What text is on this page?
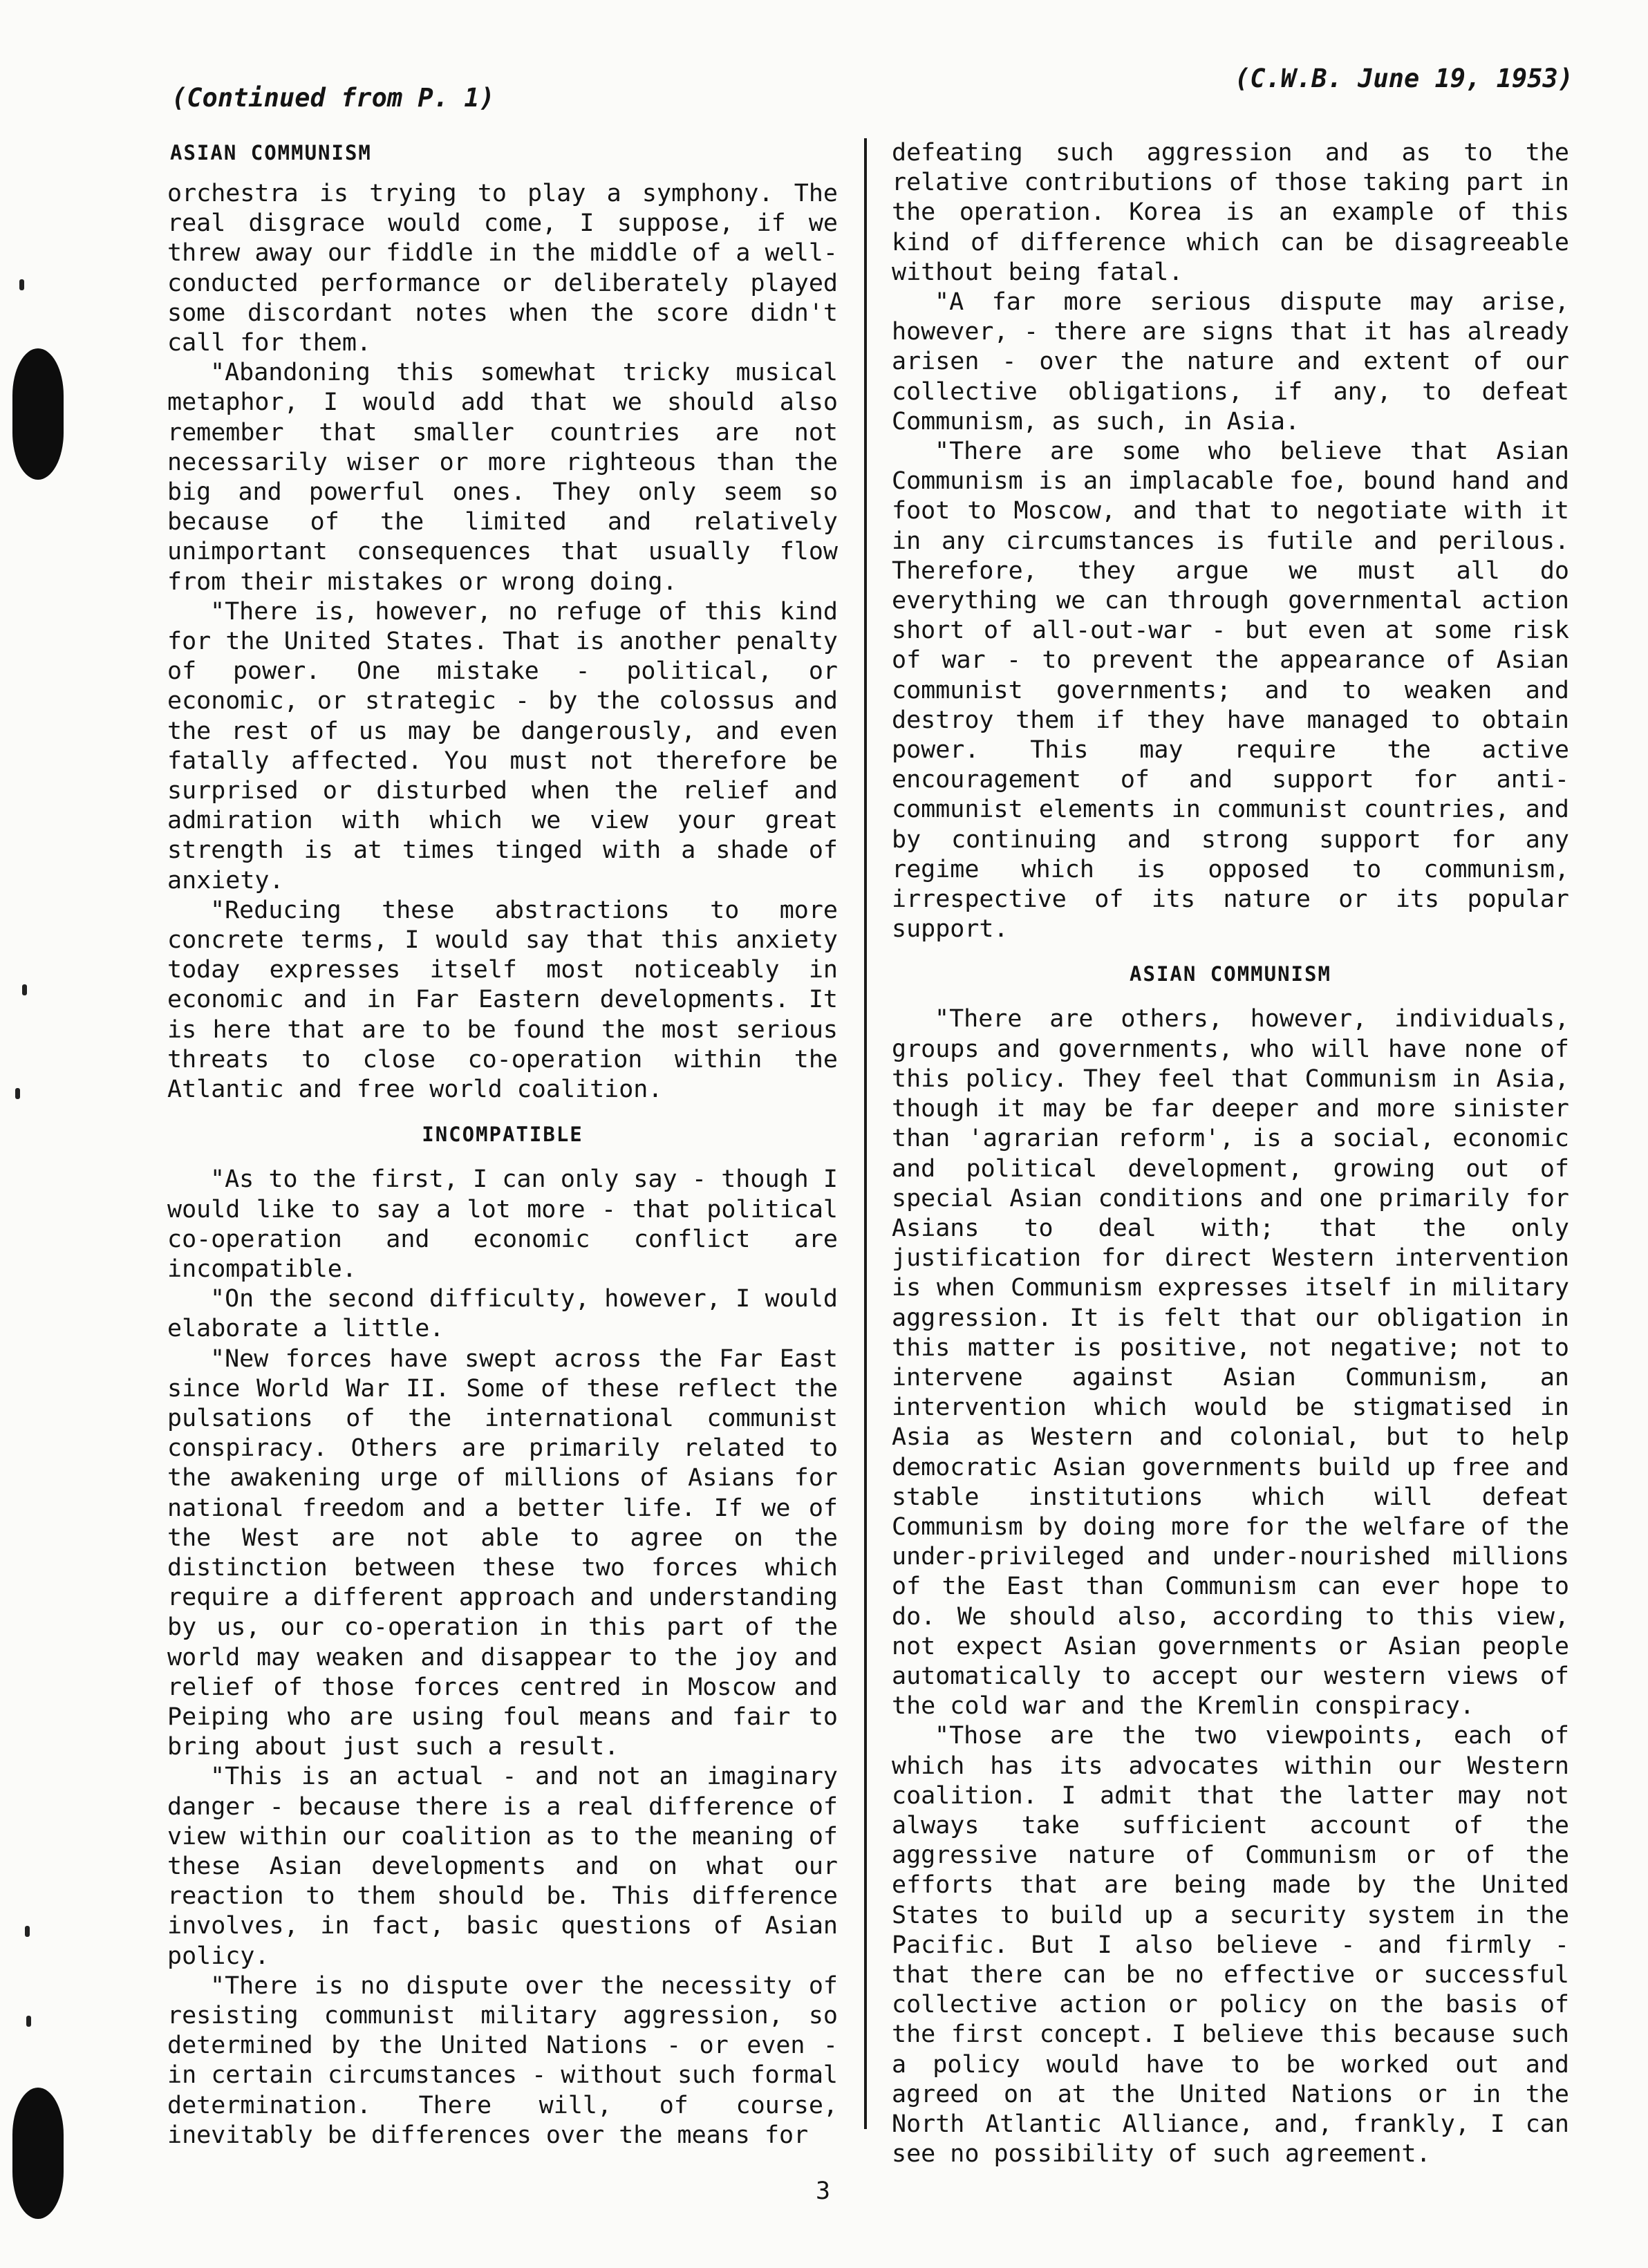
(Continued from P. 1)
(C.W.B. June 19, 1953)
ASIAN COMMUNISM

orchestra is trying to play a symphony. The real disgrace would come, I suppose, if we threw away our fiddle in the middle of a well-conducted performance or deliberately played some discordant notes when the score didn't call for them.

"Abandoning this somewhat tricky musical metaphor, I would add that we should also remember that smaller countries are not necessarily wiser or more righteous than the big and powerful ones. They only seem so because of the limited and relatively unimportant consequences that usually flow from their mistakes or wrong doing.

"There is, however, no refuge of this kind for the United States. That is another penalty of power. One mistake - political, or economic, or strategic - by the colossus and the rest of us may be dangerously, and even fatally affected. You must not therefore be surprised or disturbed when the relief and admiration with which we view your great strength is at times tinged with a shade of anxiety.

"Reducing these abstractions to more concrete terms, I would say that this anxiety today expresses itself most noticeably in economic and in Far Eastern developments. It is here that are to be found the most serious threats to close co-operation within the Atlantic and free world coalition.

INCOMPATIBLE

"As to the first, I can only say - though I would like to say a lot more - that political co-operation and economic conflict are incompatible.

"On the second difficulty, however, I would elaborate a little.

"New forces have swept across the Far East since World War II. Some of these reflect the pulsations of the international communist conspiracy. Others are primarily related to the awakening urge of millions of Asians for national freedom and a better life. If we of the West are not able to agree on the distinction between these two forces which require a different approach and understanding by us, our co-operation in this part of the world may weaken and disappear to the joy and relief of those forces centred in Moscow and Peiping who are using foul means and fair to bring about just such a result.

"This is an actual - and not an imaginary danger - because there is a real difference of view within our coalition as to the meaning of these Asian developments and on what our reaction to them should be. This difference involves, in fact, basic questions of Asian policy.

"There is no dispute over the necessity of resisting communist military aggression, so determined by the United Nations - or even - in certain circumstances - without such formal determination. There will, of course, inevitably be differences over the means for

defeating such aggression and as to the relative contributions of those taking part in the operation. Korea is an example of this kind of difference which can be disagreeable without being fatal.

"A far more serious dispute may arise, however, - there are signs that it has already arisen - over the nature and extent of our collective obligations, if any, to defeat Communism, as such, in Asia.

"There are some who believe that Asian Communism is an implacable foe, bound hand and foot to Moscow, and that to negotiate with it in any circumstances is futile and perilous. Therefore, they argue we must all do everything we can through governmental action short of all-out-war - but even at some risk of war - to prevent the appearance of Asian communist governments; and to weaken and destroy them if they have managed to obtain power. This may require the active encouragement of and support for anti-communist elements in communist countries, and by continuing and strong support for any regime which is opposed to communism, irrespective of its nature or its popular support.

ASIAN COMMUNISM

"There are others, however, individuals, groups and governments, who will have none of this policy. They feel that Communism in Asia, though it may be far deeper and more sinister than 'agrarian reform', is a social, economic and political development, growing out of special Asian conditions and one primarily for Asians to deal with; that the only justification for direct Western intervention is when Communism expresses itself in military aggression. It is felt that our obligation in this matter is positive, not negative; not to intervene against Asian Communism, an intervention which would be stigmatised in Asia as Western and colonial, but to help democratic Asian governments build up free and stable institutions which will defeat Communism by doing more for the welfare of the under-privileged and under-nourished millions of the East than Communism can ever hope to do. We should also, according to this view, not expect Asian governments or Asian people automatically to accept our western views of the cold war and the Kremlin conspiracy.

"Those are the two viewpoints, each of which has its advocates within our Western coalition. I admit that the latter may not always take sufficient account of the aggressive nature of Communism or of the efforts that are being made by the United States to build up a security system in the Pacific. But I also believe - and firmly - that there can be no effective or successful collective action or policy on the basis of the first concept. I believe this because such a policy would have to be worked out and agreed on at the United Nations or in the North Atlantic Alliance, and, frankly, I can see no possibility of such agreement.

3
